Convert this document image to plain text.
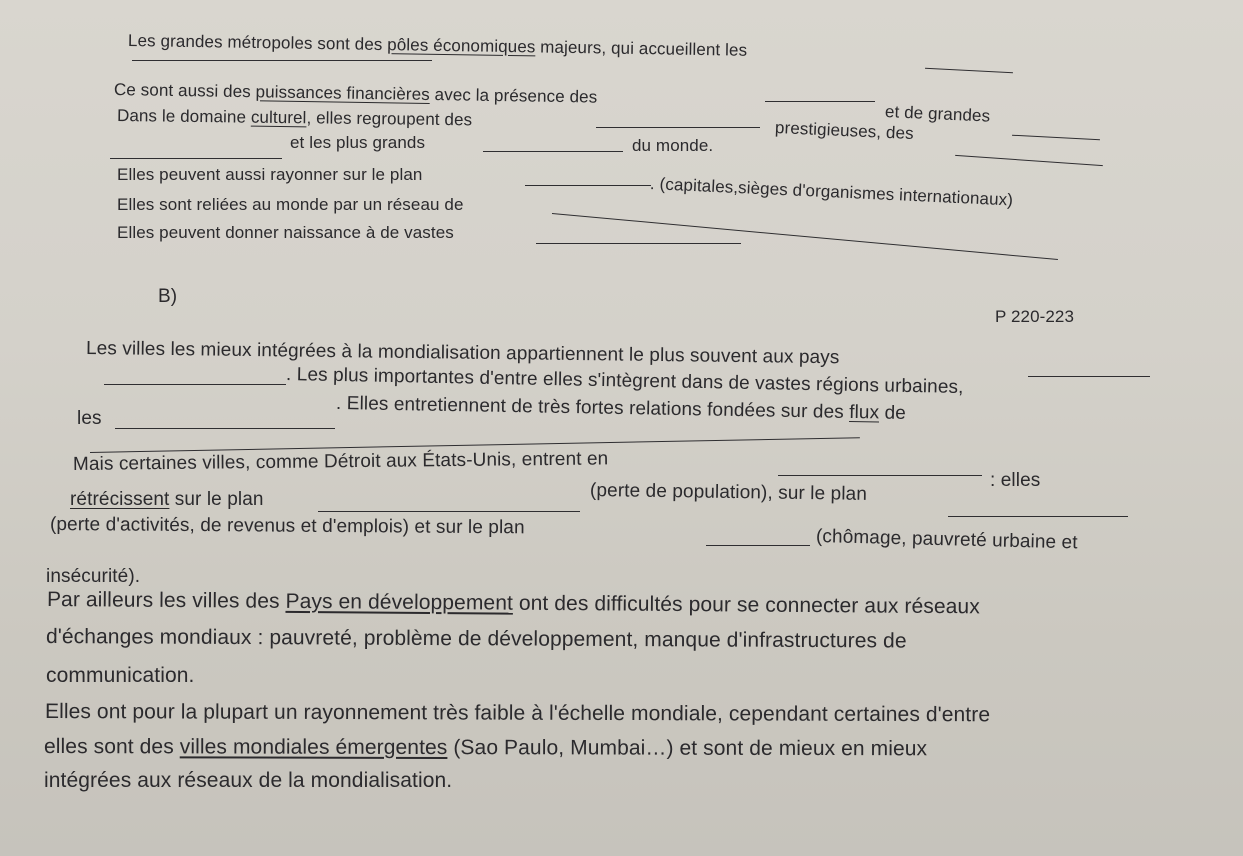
Les grandes métropoles sont des pôles économiques majeurs, qui accueillent les
Ce sont aussi des puissances financières avec la présence des
et de grandes
Dans le domaine culturel, elles regroupent des	prestigieuses, des
et les plus grands	du monde.
Elles peuvent aussi rayonner sur le plan	. (capitales,sièges d'organismes internationaux)
Elles sont reliées au monde par un réseau de
Elles peuvent donner naissance à de vastes
B)
P 220-223
Les villes les mieux intégrées à la mondialisation appartiennent le plus souvent aux pays
. Les plus importantes d'entre elles s'intègrent dans de vastes régions urbaines,
les	. Elles entretiennent de très fortes relations fondées sur des flux de
Mais certaines villes, comme Détroit aux États-Unis, entrent en
: elles
rétrécissent sur le plan	(perte de population), sur le plan
(perte d'activités, de revenus et d'emplois) et sur le plan	(chômage, pauvreté urbaine et
insécurité).
Par ailleurs les villes des Pays en développement ont des difficultés pour se connecter aux réseaux
d'échanges mondiaux : pauvreté, problème de développement, manque d'infrastructures de
communication.
Elles ont pour la plupart un rayonnement très faible à l'échelle mondiale, cependant certaines d'entre
elles sont des villes mondiales émergentes (Sao Paulo, Mumbai…) et sont de mieux en mieux
intégrées aux réseaux de la mondialisation.
